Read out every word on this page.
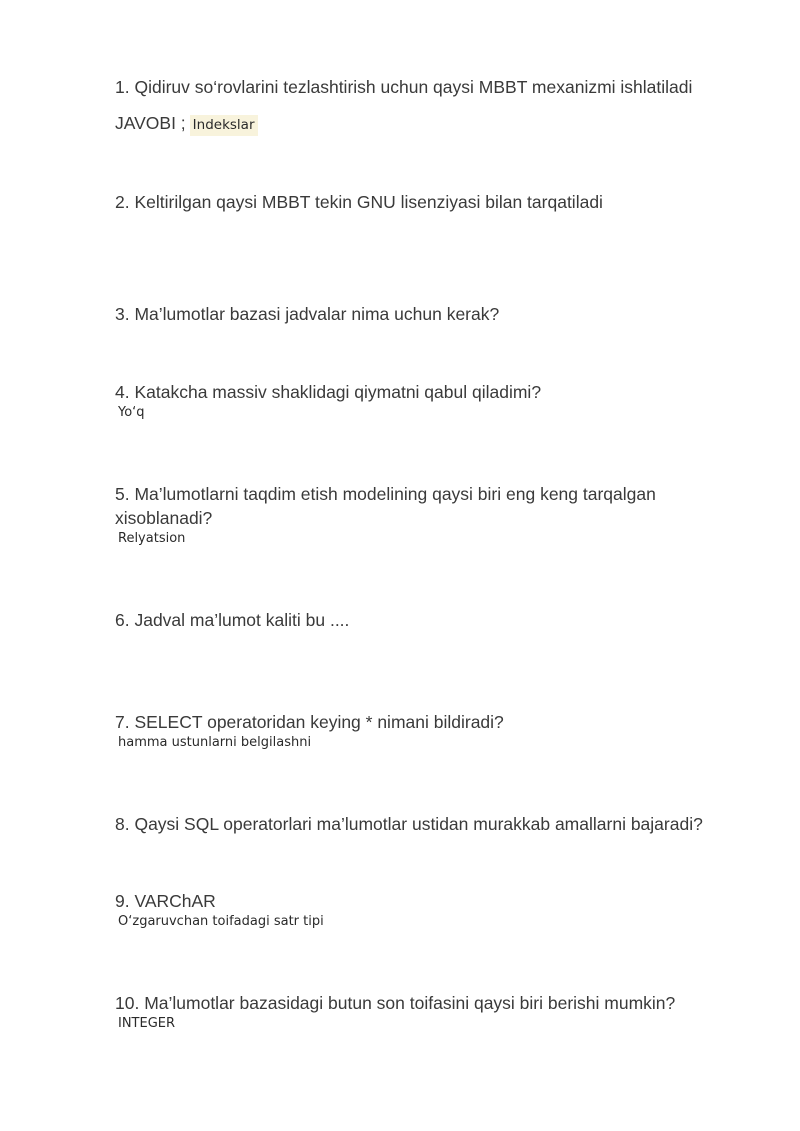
1. Qidiruv so‘rovlarini tezlashtirish uchun qaysi MBBT mexanizmi ishlatiladi

JAVOBI ; Indekslar

2. Keltirilgan qaysi MBBT tekin GNU lisenziyasi bilan tarqatiladi

3. Ma’lumotlar bazasi jadvalar nima uchun kerak?

4. Katakcha massiv shaklidagi qiymatni qabul qiladimi?

Yo‘q

5. Ma’lumotlarni taqdim etish modelining qaysi biri eng keng tarqalgan xisoblanadi?

Relyatsion

6. Jadval ma’lumot kaliti bu ....

7. SELECT operatoridan keying * nimani bildiradi?

hamma ustunlarni belgilashni

8. Qaysi SQL operatorlari ma’lumotlar ustidan murakkab amallarni bajaradi?

9. VARChAR

O‘zgaruvchan toifadagi satr tipi

10. Ma’lumotlar bazasidagi butun son toifasini qaysi biri berishi mumkin?

INTEGER
